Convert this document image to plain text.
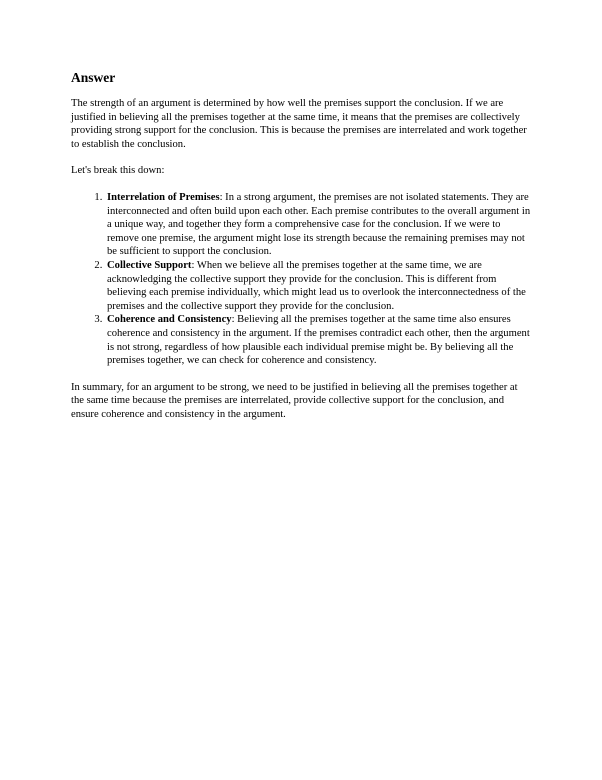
Answer

The strength of an argument is determined by how well the premises support the conclusion. If we are justified in believing all the premises together at the same time, it means that the premises are collectively providing strong support for the conclusion. This is because the premises are interrelated and work together to establish the conclusion.

Let's break this down:

1. Interrelation of Premises: In a strong argument, the premises are not isolated statements. They are interconnected and often build upon each other. Each premise contributes to the overall argument in a unique way, and together they form a comprehensive case for the conclusion. If we were to remove one premise, the argument might lose its strength because the remaining premises may not be sufficient to support the conclusion.
2. Collective Support: When we believe all the premises together at the same time, we are acknowledging the collective support they provide for the conclusion. This is different from believing each premise individually, which might lead us to overlook the interconnectedness of the premises and the collective support they provide for the conclusion.
3. Coherence and Consistency: Believing all the premises together at the same time also ensures coherence and consistency in the argument. If the premises contradict each other, then the argument is not strong, regardless of how plausible each individual premise might be. By believing all the premises together, we can check for coherence and consistency.

In summary, for an argument to be strong, we need to be justified in believing all the premises together at the same time because the premises are interrelated, provide collective support for the conclusion, and ensure coherence and consistency in the argument.
